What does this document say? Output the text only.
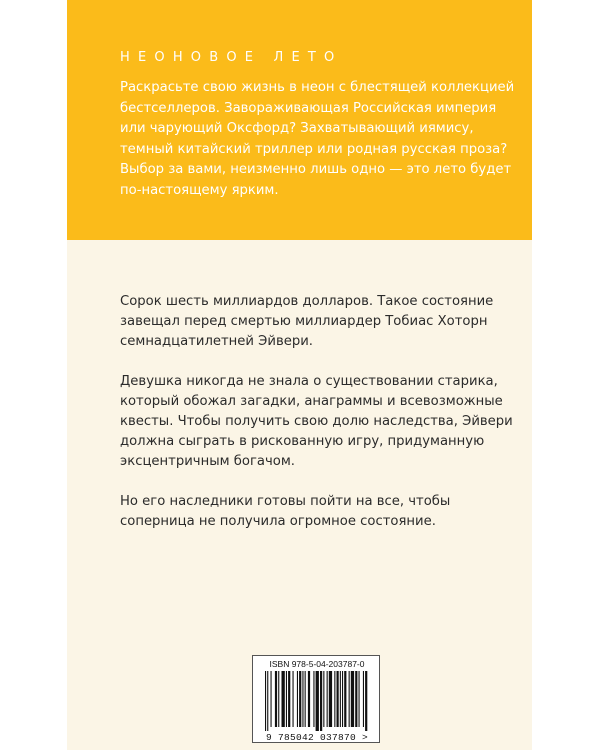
НЕОНОВОЕ ЛЕТО
Раскрасьте свою жизнь в неон с блестящей коллекцией
бестселлеров. Завораживающая Российская империя
или чарующий Оксфорд? Захватывающий иямису,
темный китайский триллер или родная русская проза?
Выбор за вами, неизменно лишь одно — это лето будет
по-настоящему ярким.

Сорок шесть миллиардов долларов. Такое состояние
завещал перед смертью миллиардер Тобиас Хоторн
семнадцатилетней Эйвери.

Девушка никогда не знала о существовании старика,
который обожал загадки, анаграммы и всевозможные
квесты. Чтобы получить свою долю наследства, Эйвери
должна сыграть в рискованную игру, придуманную
эксцентричным богачом.

Но его наследники готовы пойти на все, чтобы
соперница не получила огромное состояние.

ISBN 978-5-04-203787-0
9 785042 037870 >
